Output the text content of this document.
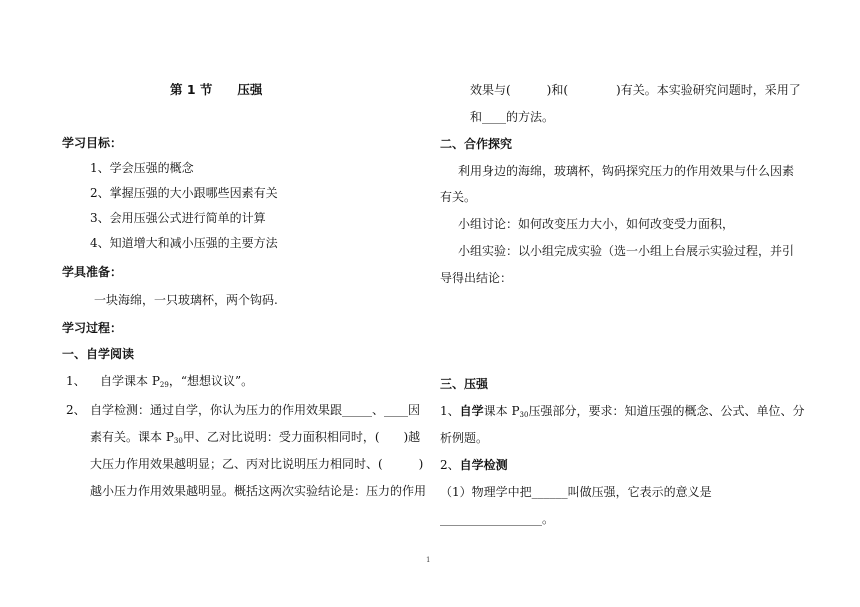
第 1 节　　压强
学习目标：
1、学会压强的概念
2、掌握压强的大小跟哪些因素有关
3、会用压强公式进行简单的计算
4、知道增大和减小压强的主要方法
学具准备：
一块海绵，一只玻璃杯，两个钩码.
学习过程：
一、自学阅读
1、 自学课本 $P_{29}$，“想想议议”。
2、 自学检测：通过自学，你认为压力的作用效果跟_____、____因
素有关。课本 $P_{30}$甲、乙对比说明：受力面积相同时，(　　)越
大压力作用效果越明显；乙、丙对比说明压力相同时、(　　　)
越小压力作用效果越明显。概括这两次实验结论是：压力的作用
效果与(　　　)和(　　　　)有关。本实验研究问题时，采用了
和____的方法。
二、合作探究
利用身边的海绵，玻璃杯，钩码探究压力的作用效果与什么因素
有关。
小组讨论：如何改变压力大小，如何改变受力面积，
小组实验：以小组完成实验（选一小组上台展示实验过程，并引
导得出结论：
三、压强
1、自学课本 $P_{30}$压强部分，要求：知道压强的概念、公式、单位、分
析例题。
2、自学检测
（1）物理学中把______叫做压强，它表示的意义是
_________________。
1
